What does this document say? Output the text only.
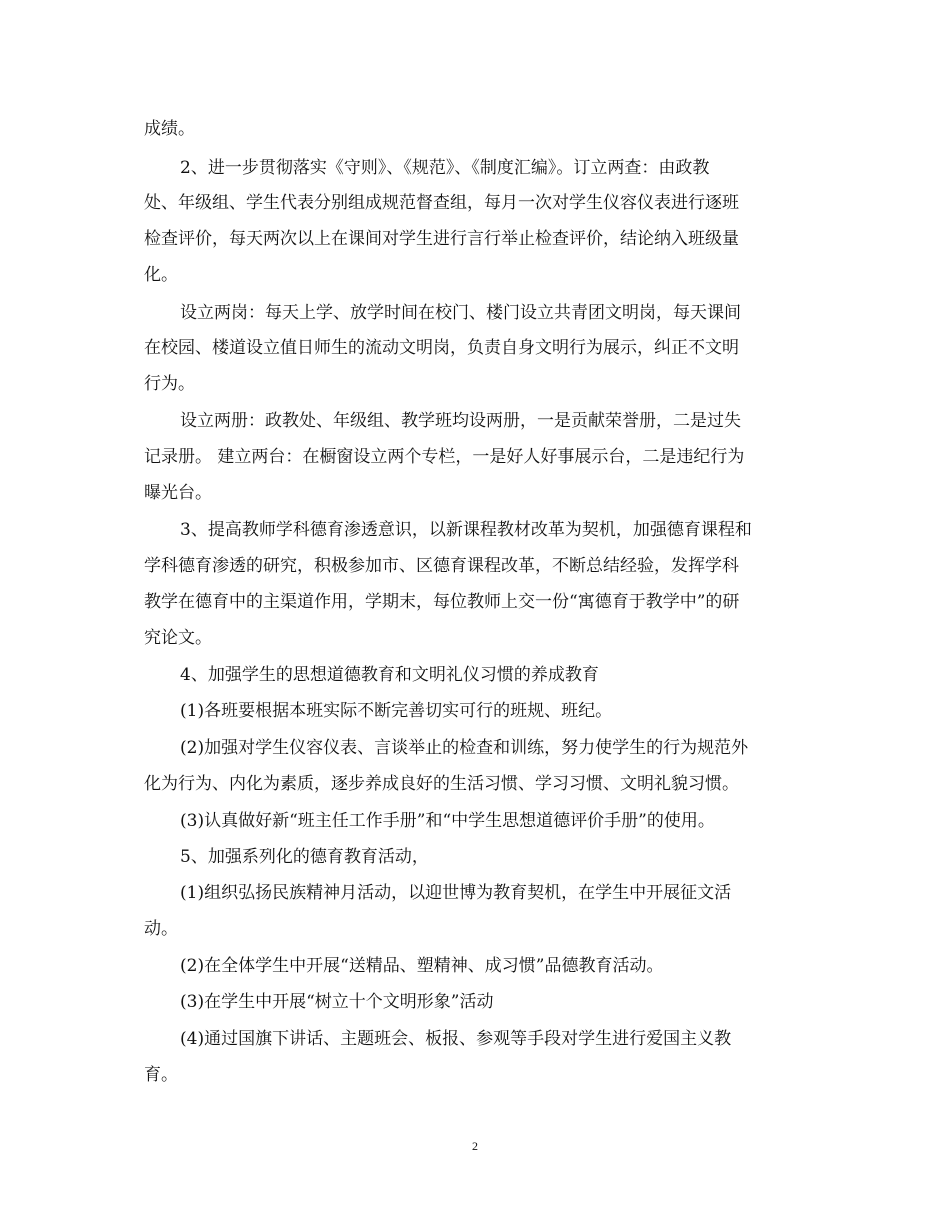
成绩。
2、进一步贯彻落实《守则》、《规范》、《制度汇编》。订立两查：由政教
处、年级组、学生代表分别组成规范督查组，每月一次对学生仪容仪表进行逐班
检查评价，每天两次以上在课间对学生进行言行举止检查评价，结论纳入班级量
化。
设立两岗：每天上学、放学时间在校门、楼门设立共青团文明岗，每天课间
在校园、楼道设立值日师生的流动文明岗，负责自身文明行为展示，纠正不文明
行为。
设立两册：政教处、年级组、教学班均设两册，一是贡献荣誉册，二是过失
记录册。 建立两台：在橱窗设立两个专栏，一是好人好事展示台，二是违纪行为
曝光台。
3、提高教师学科德育渗透意识，以新课程教材改革为契机，加强德育课程和
学科德育渗透的研究，积极参加市、区德育课程改革，不断总结经验，发挥学科
教学在德育中的主渠道作用，学期末，每位教师上交一份“寓德育于教学中”的研
究论文。
4、加强学生的思想道德教育和文明礼仪习惯的养成教育
(1)各班要根据本班实际不断完善切实可行的班规、班纪。
(2)加强对学生仪容仪表、言谈举止的检查和训练，努力使学生的行为规范外
化为行为、内化为素质，逐步养成良好的生活习惯、学习习惯、文明礼貌习惯。
(3)认真做好新“班主任工作手册”和“中学生思想道德评价手册”的使用。
5、加强系列化的德育教育活动，
(1)组织弘扬民族精神月活动，以迎世博为教育契机，在学生中开展征文活
动。
(2)在全体学生中开展“送精品、塑精神、成习惯”品德教育活动。
(3)在学生中开展“树立十个文明形象”活动
(4)通过国旗下讲话、主题班会、板报、参观等手段对学生进行爱国主义教
育。
2
